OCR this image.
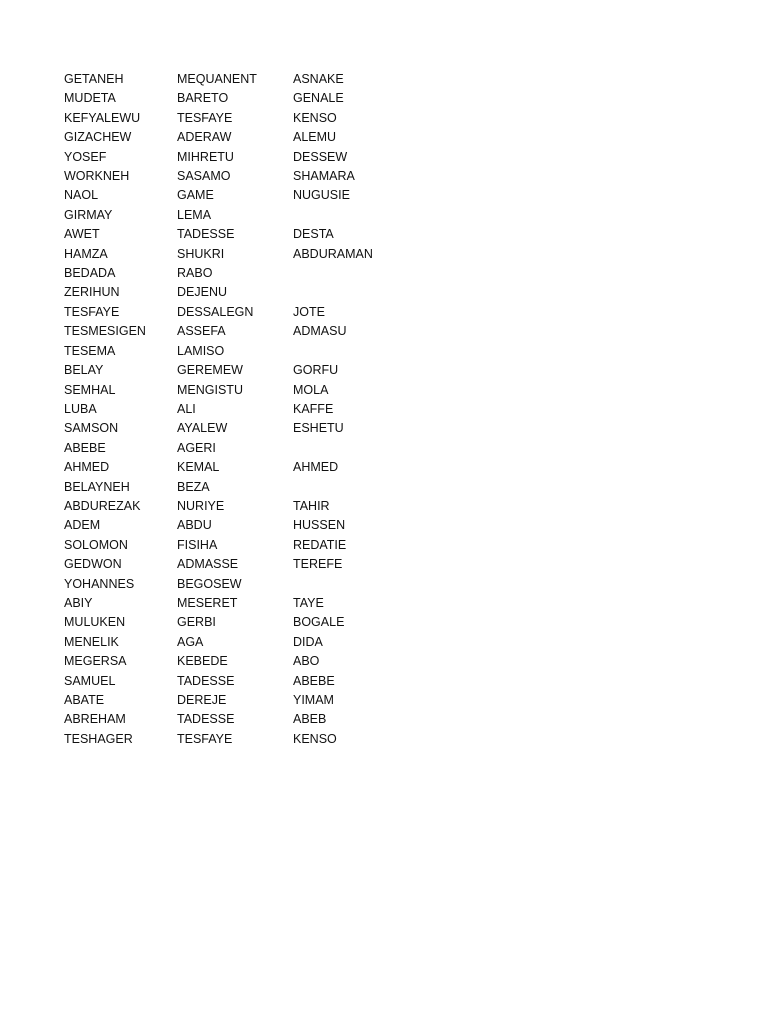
GETANEH	MEQUANENT	ASNAKE
MUDETA	BARETO	GENALE
KEFYALEWU	TESFAYE	KENSO
GIZACHEW	ADERAW	ALEMU
YOSEF	MIHRETU	DESSEW
WORKNEH	SASAMO	SHAMARA
NAOL	GAME	NUGUSIE
GIRMAY	LEMA	
AWET	TADESSE	DESTA
HAMZA	SHUKRI	ABDURAMAN
BEDADA	RABO	
ZERIHUN	DEJENU	
TESFAYE	DESSALEGN	JOTE
TESMESIGEN	ASSEFA	ADMASU
TESEMA	LAMISO	
BELAY	GEREMEW	GORFU
SEMHAL	MENGISTU	MOLA
LUBA	ALI	KAFFE
SAMSON	AYALEW	ESHETU
ABEBE	AGERI	
AHMED	KEMAL	AHMED
BELAYNEH	BEZA	
ABDUREZAK	NURIYE	TAHIR
ADEM	ABDU	HUSSEN
SOLOMON	FISIHA	REDATIE
GEDWON	ADMASSE	TEREFE
YOHANNES	BEGOSEW	
ABIY	MESERET	TAYE
MULUKEN	GERBI	BOGALE
MENELIK	AGA	DIDA
MEGERSA	KEBEDE	ABO
SAMUEL	TADESSE	ABEBE
ABATE	DEREJE	YIMAM
ABREHAM	TADESSE	ABEB
TESHAGER	TESFAYE	KENSO
